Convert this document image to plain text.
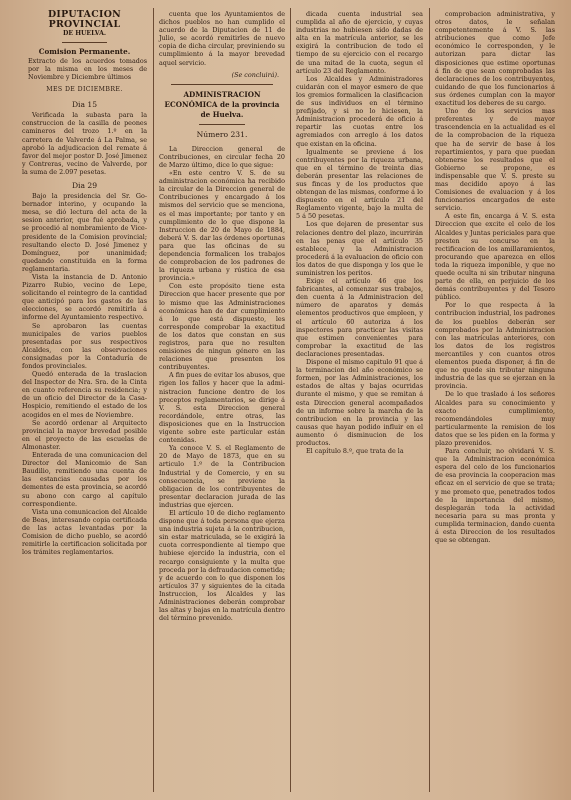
DIPUTACION PROVINCIAL
DE HUELVA.
Comision Permanente.

Extracto de los acuerdos tomados por la misma en los meses de Noviembre y Diciembre últimos

MES DE DICIEMBRE.
Dia 15

Verificada la subasta para la construccion de la casilla de peones camineros del trozo 1.º en la carretera de Valverde á La Palma, se aprobó la adjudicacion del remate á favor del mejor postor D. José Jimenez y Contreras, vecino de Valverde, por la suma de 2.097 pesetas.

Dia 29

Bajo la presidencia del Sr. Gobernador interino, y ocupando la mesa, se dió lectura del acta de la sesion anterior, que fué aprobada, y se procedió al nombramiento de Vice-presidente de la Comision provincial; resultando electo D. José Jimenez y Domínguez, por unanimidad; quedando constituida en la forma reglamentaria.

Vista la instancia de D. Antonio Pizarro Rubio, vecino de Lepe, solicitando el reintegro de la cantidad que anticipó para los gastos de las elecciones, se acordó remitirla á informe del Ayuntamiento respectivo.

Se aprobaron las cuentas municipales de varios pueblos presentadas por sus respectivos Alcaldes, con las observaciones consignadas por la Contaduría de fondos provinciales.

Quedó enterada de la traslacion del Inspector de Nra. Sra. de la Cinta en cuanto referencia su residencia; y de un oficio del Director de la Casa-Hospicio, remitiendo el estado de los acogidos en el mes de Noviembre.

Se acordó ordenar al Arquitecto provincial la mayor brevedad posible en el proyecto de las escuelas de Almonaster.

Enterada de una comunicacion del Director del Manicomio de San Baudilio, remitiendo una cuenta de las estancias causadas por los dementes de esta provincia, se acordó su abono con cargo al capítulo correspondiente.

Vista una comunicacion del Alcalde de Beas, interesando copia certificada de las actas levantadas por la Comision de dicho pueblo, se acordó remitirle la certificacion solicitada por los trámites reglamentarios.

cuenta que los Ayuntamientos de dichos pueblos no han cumplido el acuerdo de la Diputacion de 11 de Julio, se acordó remitirles de nuevo copia de dicha circular, previniendo su cumplimiento á la mayor brevedad aquel servicio.

(Se concluirá).
ADMINISTRACION ECONÓMICA de la provincia de Huelva.
Número 231.

La Direccion general de Contribuciones, en circular fecha 20 de Marzo último, dice lo que sigue:

«En este centro V. S. de su administracion económica ha recibido la circular de la Direccion general de Contribuciones y encargado á los mismos del servicio que se menciona, es el mas importante; por tanto y en cumplimiento de lo que dispone la Instruccion de 20 de Mayo de 1884, deberá V. S. dar las órdenes oportunas para que las oficinas de su dependencia formalicen los trabajos de comprobacion de los padrones de la riqueza urbana y rústica de esa provincia.»

Con este propósito tiene esta Direccion que hacer presente que por lo mismo que las Administraciones económicas han de dar cumplimiento á lo que está dispuesto, les corresponde comprobar la exactitud de los datos que constan en sus registros, para que no resulten omisiones de ningun género en las relaciones que presenten los contribuyentes.

A fin pues de evitar los abusos, que rigen los fallos y hacer que la administracion funcione dentro de los preceptos reglamentarios, se dirige á V. S. esta Direccion general recordándole, entre otras, las disposiciones que en la Instruccion vigente sobre este particular están contenidas.

Ya conoce V. S. el Reglamento de 20 de Mayo de 1873, que en su articulo 1.º de la Contribucion Industrial y de Comercio, y en su consecuencia, se previene la obligacion de los contribuyentes de presentar declaracion jurada de las industrias que ejercen.

El artículo 10 de dicho reglamento dispone que á toda persona que ejerza una industria sujeta á la contribucion, sin estar matriculada, se le exigirá la cuota correspondiente al tiempo que hubiese ejercido la industria, con el recargo consiguiente y la multa que proceda por la defraudacion cometida; y de acuerdo con lo que disponen los artículos 37 y siguientes de la citada Instruccion, los Alcaldes y las Administraciones deberán comprobar las altas y bajas en la matrícula dentro del término prevenido.

dicada cuenta industrial sea cumplida al año de ejercicio, y cuyas industrias no hubiesen sido dadas de alta en la matrícula anterior, se les exigirá la contribucion de todo el tiempo de su ejercicio con el recargo de una mitad de la cuota, segun el artículo 23 del Reglamento.

Los Alcaldes y Administradores cuidarán con el mayor esmero de que los gremios formalicen la clasificacion de sus individuos en el término prefijado, y si no lo hiciesen, la Administracion procederá de oficio á repartir las cuotas entre los agremiados con arreglo á los datos que existan en la oficina.

Igualmente se previene á los contribuyentes por la riqueza urbana, que en el término de treinta dias deberán presentar las relaciones de sus fincas y de los productos que obtengan de las mismas, conforme á lo dispuesto en el artículo 21 del Reglamento vigente, bajo la multa de 5 á 50 pesetas.

Los que dejaren de presentar sus relaciones dentro del plazo, incurrirán en las penas que el artículo 35 establece, y la Administracion procederá á la evaluacion de oficio con los datos de que disponga y los que le suministren los peritos.

Exige el artículo 46 que los fabricantes, al comenzar sus trabajos, den cuenta á la Administracion del número de aparatos y demás elementos productivos que empleen, y el artículo 60 autoriza á los inspectores para practicar las visitas que estimen convenientes para comprobar la exactitud de las declaraciones presentadas.

Dispone el mismo capitulo 91 que á la terminacion del año económico se formen, por las Administraciones, los estados de altas y bajas ocurridas durante el mismo, y que se remitan á esta Direccion general acompañados de un informe sobre la marcha de la contribucion en la provincia y las causas que hayan podido influir en el aumento ó disminucion de los productos.

El capítulo 8.º, que trata de la

comprobacion administrativa, y otros datos, le señalan competentemente á V. S. las atribuciones que como Jefe económico le corresponden, y le autorizan para dictar las disposiciones que estime oportunas á fin de que sean comprobadas las declaraciones de los contribuyentes, cuidando de que los funcionarios á sus órdenes cumplan con la mayor exactitud los deberes de su cargo.

Uno de los servicios mas preferentes y de mayor trascendencia en la actualidad es el de la comprobacion de la riqueza que ha de servir de base á los repartimientos, y para que puedan obtenerse los resultados que el Gobierno se propone, es indispensable que V. S. preste su mas decidido apoyo á las Comisiones de evaluacion y á los funcionarios encargados de este servicio.

A este fin, encarga á V. S. esta Direccion que excite el celo de los Alcaldes y Juntas periciales para que presten su concurso en la rectificacion de los amillaramientos, procurando que aparezca en ellos toda la riqueza imponible, y que no quede oculta ni sin tributar ninguna parte de ella, en perjuicio de los demás contribuyentes y del Tesoro público.

Por lo que respecta á la contribucion industrial, los padrones de los pueblos deberán ser comprobados por la Administracion con las matrículas anteriores, con los datos de los registros mercantiles y con cuantos otros elementos pueda disponer, á fin de que no quede sin tributar ninguna industria de las que se ejerzan en la provincia.

De lo que traslado á los señores Alcaldes para su conocimiento y exacto cumplimiento, recomendándoles muy particularmente la remision de los datos que se les piden en la forma y plazo prevenidos.

Para concluir, no olvidará V. S. que la Administracion económica espera del celo de los funcionarios de esa provincia la cooperacion mas eficaz en el servicio de que se trata; y me prometo que, penetrados todos de la importancia del mismo, desplegarán toda la actividad necesaria para su mas pronta y cumplida terminacion, dando cuenta á esta Direccion de los resultados que se obtengan.
